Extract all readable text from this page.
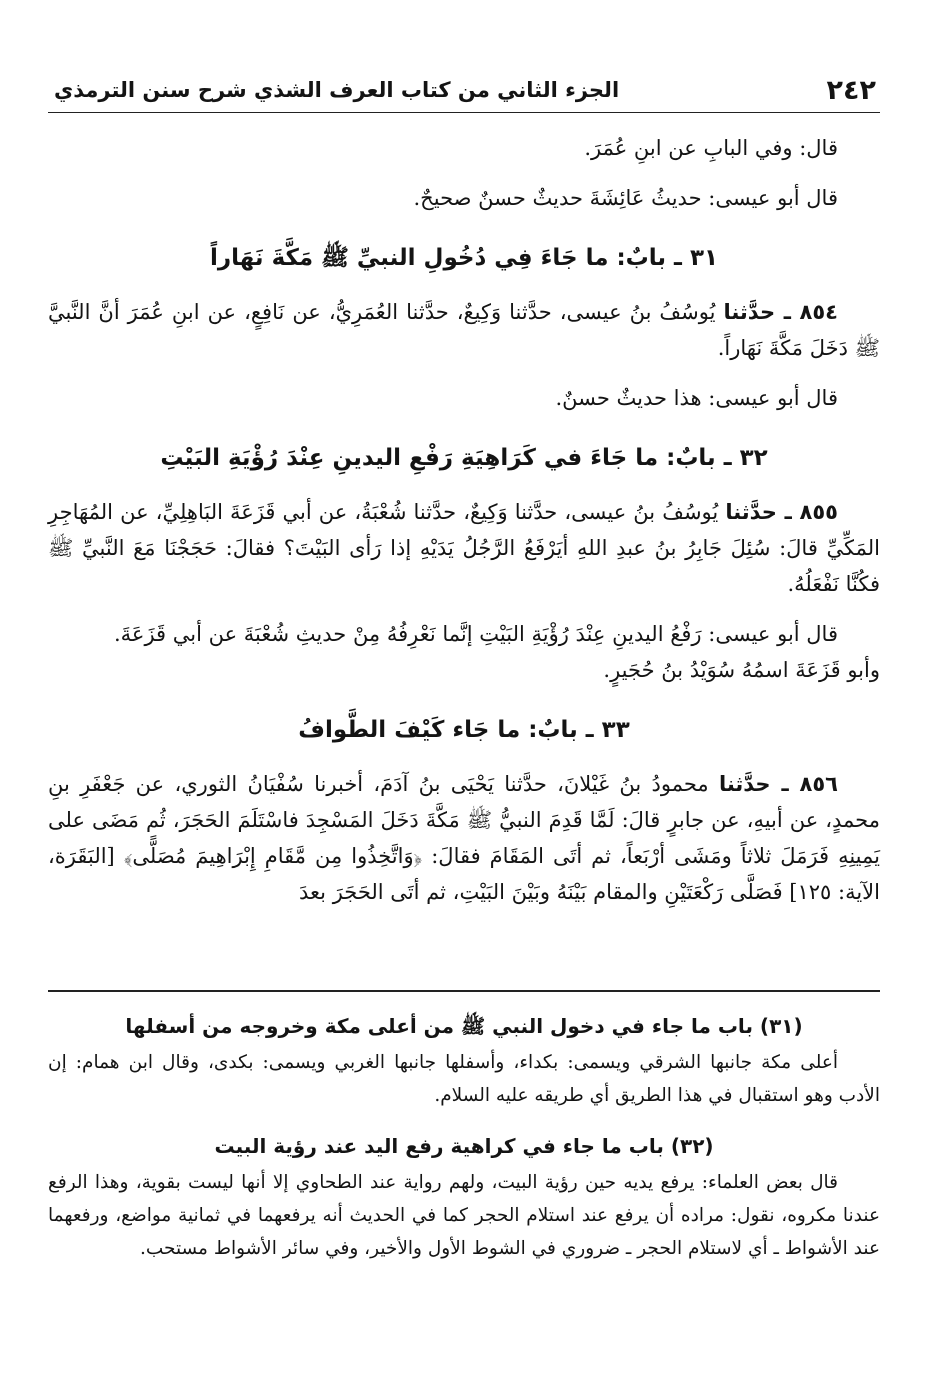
٢٤٢
الجزء الثاني من كتاب العرف الشذي شرح سنن الترمذي

قال: وفي البابِ عن ابنِ عُمَرَ.

قال أبو عيسى: حديثُ عَائِشَةَ حديثٌ حسنٌ صحيحٌ.

٣١ ـ بابٌ: ما جَاءَ فِي دُخُولِ النبيِّ ﷺ مَكَّةَ نَهَاراً

٨٥٤ ـ حدَّثنا يُوسُفُ بنُ عيسى، حدَّثنا وَكِيعٌ، حدَّثنا العُمَرِيُّ، عن نَافِعٍ، عن ابنِ عُمَرَ أنَّ النَّبيَّ ﷺ دَخَلَ مَكَّةَ نَهَاراً.

قال أبو عيسى: هذا حديثٌ حسنٌ.

٣٢ ـ بابٌ: ما جَاءَ في كَرَاهِيَةِ رَفْعِ اليدينِ عِنْدَ رُؤْيَةِ البَيْتِ

٨٥٥ ـ حدَّثنا يُوسُفُ بنُ عيسى، حدَّثنا وَكِيعٌ، حدَّثنا شُعْبَةُ، عن أبي قَزَعَةَ البَاهِلِيِّ، عن المُهَاجِرِ المَكِّيِّ قالَ: سُئِلَ جَابِرُ بنُ عبدِ اللهِ أيَرْفَعُ الرَّجُلُ يَدَيْهِ إذا رَأى البَيْتَ؟ فقالَ: حَجَجْنَا مَعَ النَّبيِّ ﷺ فكُنَّا نَفْعَلُهُ.

قال أبو عيسى: رَفْعُ اليدينِ عِنْدَ رُؤْيَةِ البَيْتِ إنَّما نَعْرِفُهُ مِنْ حديثِ شُعْبَةَ عن أبي قَزَعَةَ.

وأبو قَزَعَةَ اسمُهُ سُوَيْدُ بنُ حُجَيرٍ.

٣٣ ـ بابٌ: ما جَاء كَيْفَ الطَّوافُ

٨٥٦ ـ حدَّثنا محمودُ بنُ غَيْلانَ، حدَّثنا يَحْيَى بنُ آدَمَ، أخبرنا سُفْيَانُ الثوري، عن جَعْفَرِ بنِ محمدٍ، عن أبيهِ، عن جابرٍ قالَ: لَمَّا قَدِمَ النبيُّ ﷺ مَكَّةَ دَخَلَ المَسْجِدَ فاسْتَلَمَ الحَجَرَ، ثُم مَضَى على يَمِينِهِ فَرَمَلَ ثلاثاً ومَشَى أرْبَعاً، ثم أتَى المَقَامَ فقالَ: ﴿وَاتَّخِذُوا مِن مَّقَامِ إِبْرَاهِيمَ مُصَلًّى﴾ [البَقَرَة، الآية: ١٢٥] فَصَلَّى رَكْعَتَيْنِ والمقام بَيْنَهُ وبَيْنَ البَيْتِ، ثم أتَى الحَجَرَ بعدَ

(٣١) باب ما جاء في دخول النبي ﷺ من أعلى مكة وخروجه من أسفلها

أعلى مكة جانبها الشرقي ويسمى: بكداء، وأسفلها جانبها الغربي ويسمى: بكدى، وقال ابن همام: إن الأدب وهو استقبال في هذا الطريق أي طريقه عليه السلام.

(٣٢) باب ما جاء في كراهية رفع اليد عند رؤية البيت

قال بعض العلماء: يرفع يديه حين رؤية البيت، ولهم رواية عند الطحاوي إلا أنها ليست بقوية، وهذا الرفع عندنا مكروه، نقول: مراده أن يرفع عند استلام الحجر كما في الحديث أنه يرفعهما في ثمانية مواضع، ورفعهما عند الأشواط ـ أي لاستلام الحجر ـ ضروري في الشوط الأول والأخير، وفي سائر الأشواط مستحب.
